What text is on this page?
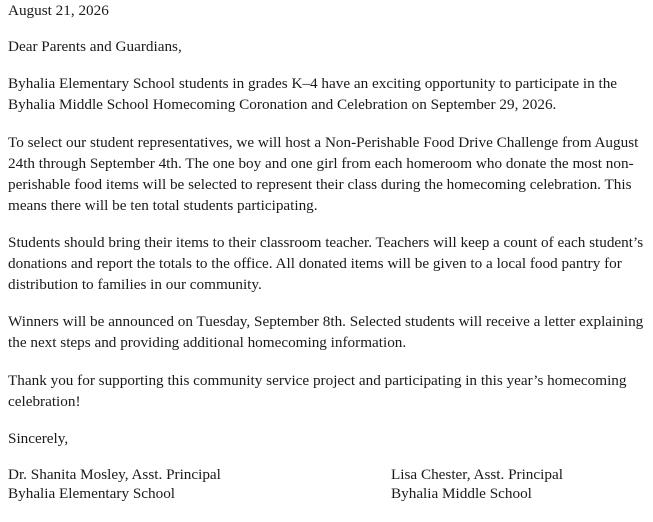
August 21, 2026
Dear Parents and Guardians,

Byhalia Elementary School students in grades K–4 have an exciting opportunity to participate in the Byhalia Middle School Homecoming Coronation and Celebration on September 29, 2026.

To select our student representatives, we will host a Non-Perishable Food Drive Challenge from August 24th through September 4th. The one boy and one girl from each homeroom who donate the most non-perishable food items will be selected to represent their class during the homecoming celebration. This means there will be ten total students participating.

Students should bring their items to their classroom teacher. Teachers will keep a count of each student’s donations and report the totals to the office. All donated items will be given to a local food pantry for distribution to families in our community.

Winners will be announced on Tuesday, September 8th. Selected students will receive a letter explaining the next steps and providing additional homecoming information.

Thank you for supporting this community service project and participating in this year’s homecoming celebration!

Sincerely,
Dr. Shanita Mosley, Asst. Principal
Byhalia Elementary School
Lisa Chester, Asst. Principal
Byhalia Middle School
